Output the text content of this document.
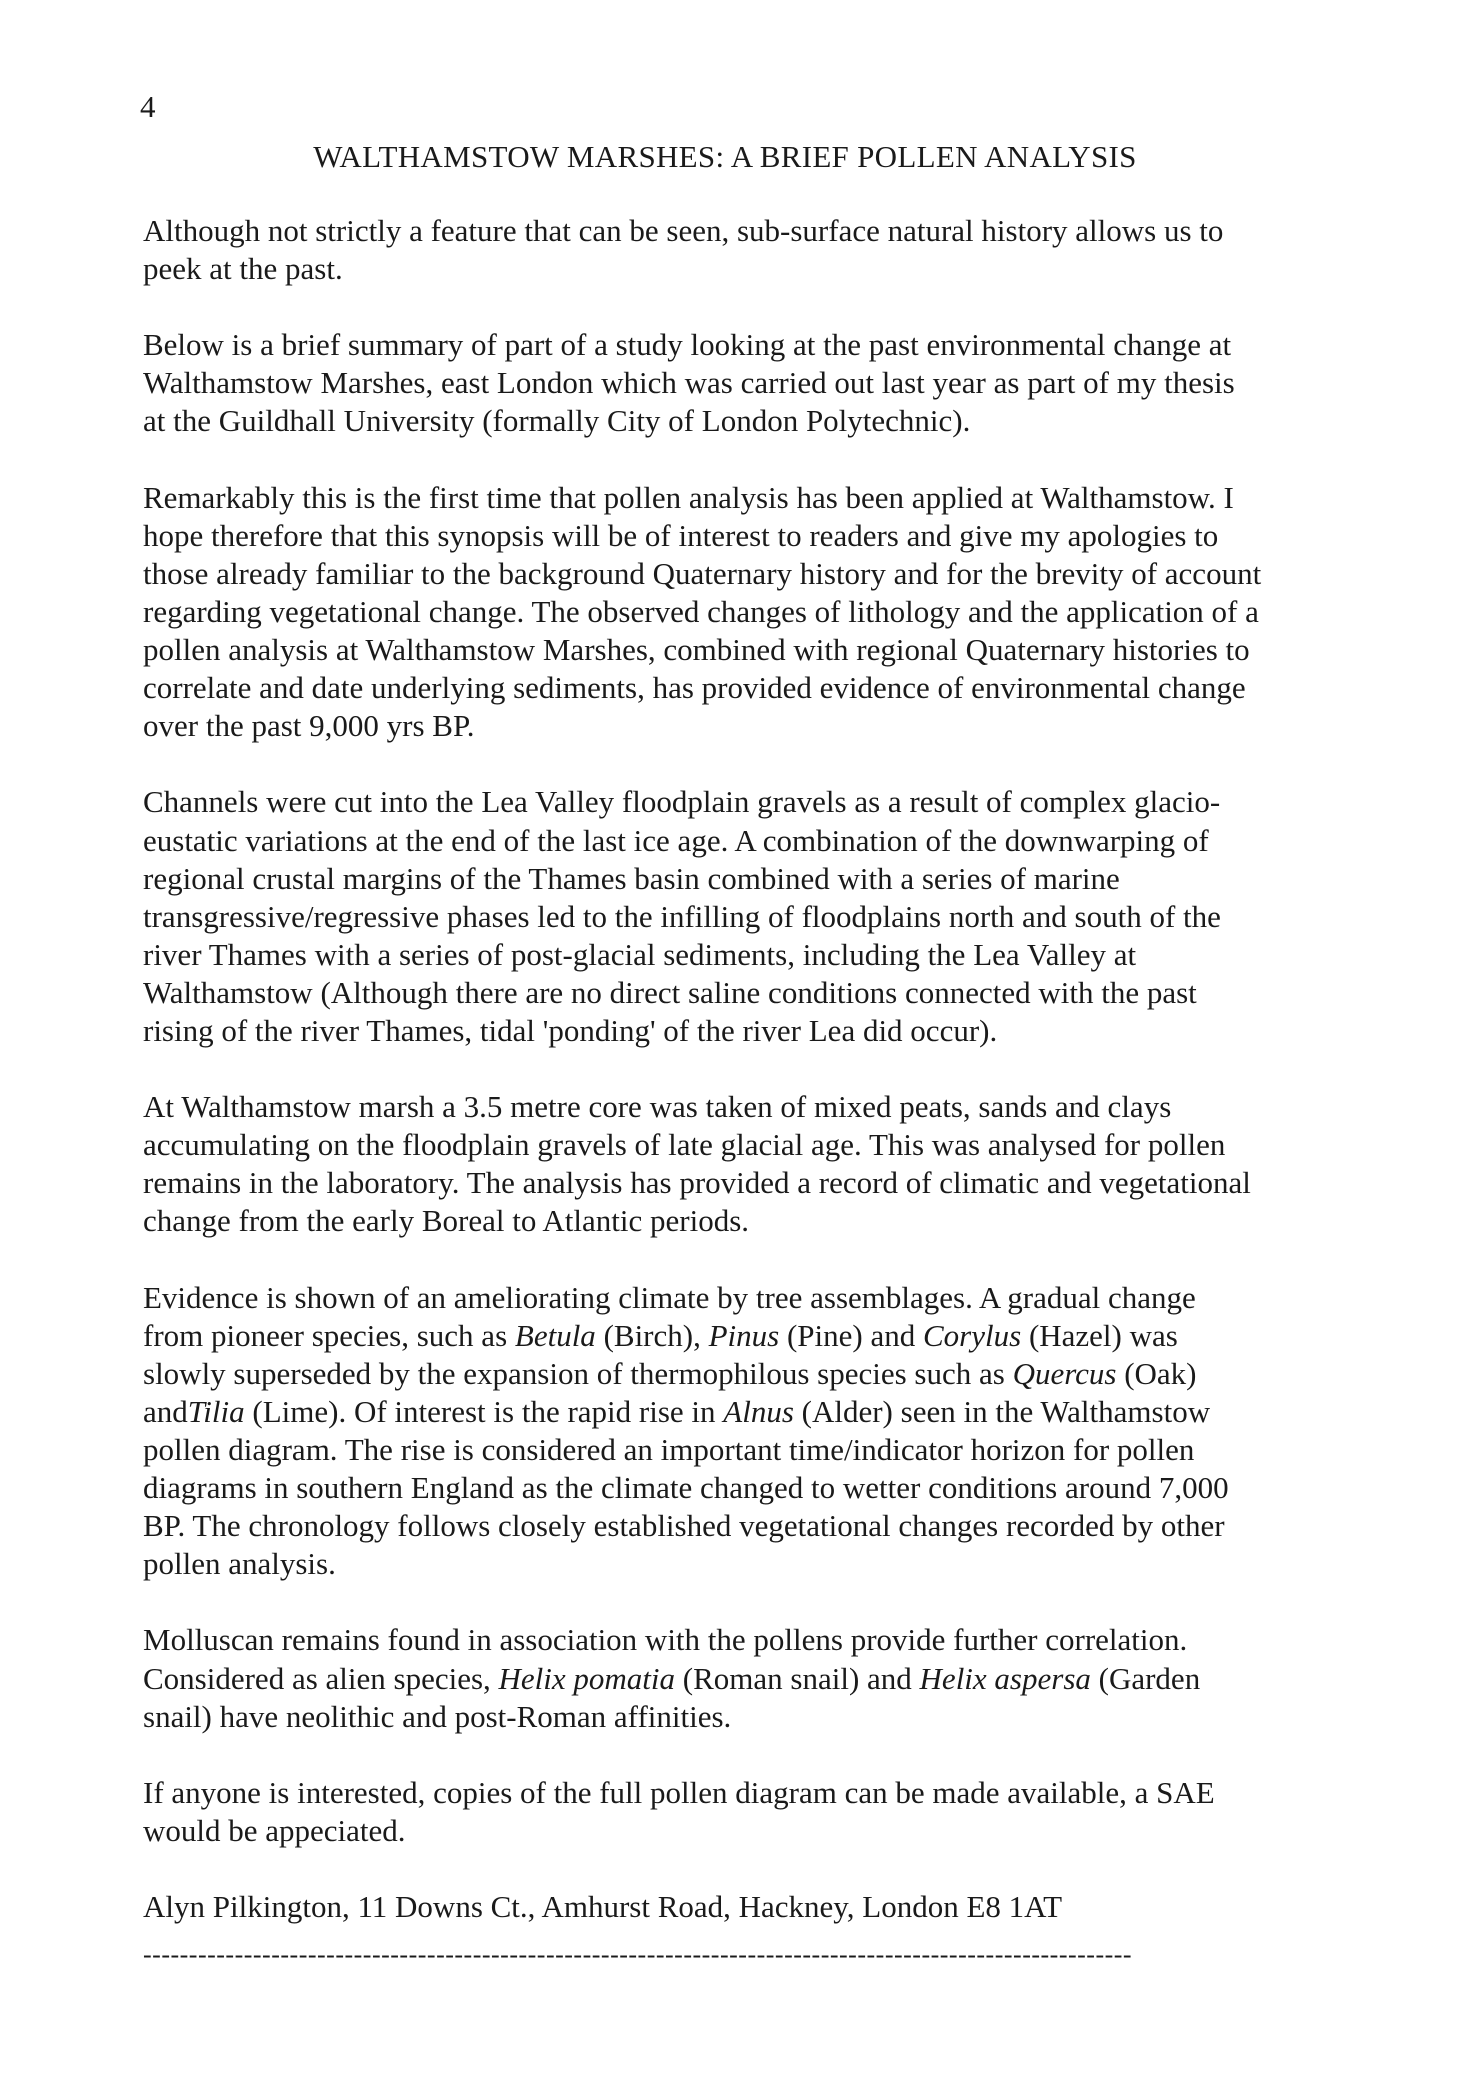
4
WALTHAMSTOW MARSHES: A BRIEF POLLEN ANALYSIS

Although not strictly a feature that can be seen, sub-surface natural history allows us to
peek at the past.

Below is a brief summary of part of a study looking at the past environmental change at
Walthamstow Marshes, east London which was carried out last year as part of my thesis
at the Guildhall University (formally City of London Polytechnic).

Remarkably this is the first time that pollen analysis has been applied at Walthamstow. I
hope therefore that this synopsis will be of interest to readers and give my apologies to
those already familiar to the background Quaternary history and for the brevity of account
regarding vegetational change. The observed changes of lithology and the application of a
pollen analysis at Walthamstow Marshes, combined with regional Quaternary histories to
correlate and date underlying sediments, has provided evidence of environmental change
over the past 9,000 yrs BP.

Channels were cut into the Lea Valley floodplain gravels as a result of complex glacio-
eustatic variations at the end of the last ice age. A combination of the downwarping of
regional crustal margins of the Thames basin combined with a series of marine
transgressive/regressive phases led to the infilling of floodplains north and south of the
river Thames with a series of post-glacial sediments, including the Lea Valley at
Walthamstow (Although there are no direct saline conditions connected with the past
rising of the river Thames, tidal 'ponding' of the river Lea did occur).

At Walthamstow marsh a 3.5 metre core was taken of mixed peats, sands and clays
accumulating on the floodplain gravels of late glacial age. This was analysed for pollen
remains in the laboratory. The analysis has provided a record of climatic and vegetational
change from the early Boreal to Atlantic periods.

Evidence is shown of an ameliorating climate by tree assemblages. A gradual change
from pioneer species, such as Betula (Birch), Pinus (Pine) and Corylus (Hazel) was
slowly superseded by the expansion of thermophilous species such as Quercus (Oak)
andTilia (Lime). Of interest is the rapid rise in Alnus (Alder) seen in the Walthamstow
pollen diagram. The rise is considered an important time/indicator horizon for pollen
diagrams in southern England as the climate changed to wetter conditions around 7,000
BP. The chronology follows closely established vegetational changes recorded by other
pollen analysis.

Molluscan remains found in association with the pollens provide further correlation.
Considered as alien species, Helix pomatia (Roman snail) and Helix aspersa (Garden
snail) have neolithic and post-Roman affinities.

If anyone is interested, copies of the full pollen diagram can be made available, a SAE
would be appeciated.

Alyn Pilkington, 11 Downs Ct., Amhurst Road, Hackney, London E8 1AT

------------------------------------------------------------------------------------------------------------
